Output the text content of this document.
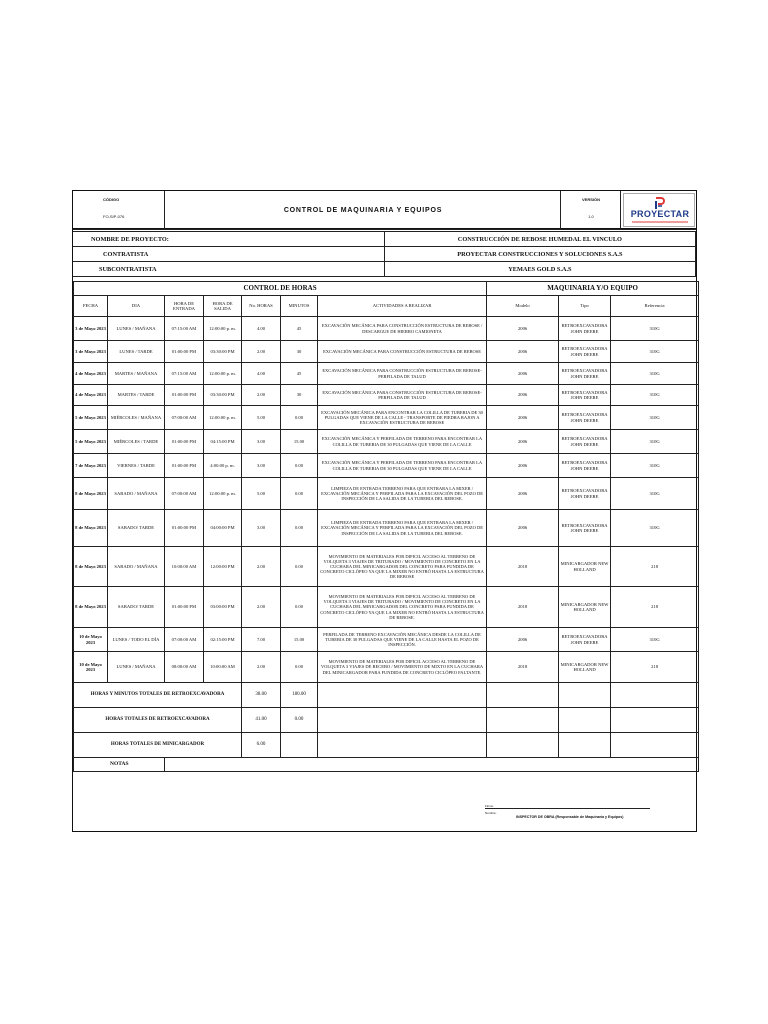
CÓDIGO
FO-SIP-076
CONTROL DE MAQUINARIA Y EQUIPOS
VERSIÓN
1.0	PROYECTAR

NOMBRE DE PROYECTO:	CONSTRUCCIÓN DE REBOSE HUMEDAL EL VINCULO
CONTRATISTA	PROYECTAR CONSTRUCCIONES Y SOLUCIONES S.A.S
SUBCONTRATISTA	YEMAES GOLD S.A.S
CONTROL DE HORAS							MAQUINARIA Y/O EQUIPO		
FECHA	DIA	HORA DE ENTRADA	HORA DE SALIDA	No. HORAS	MINUTOS	ACTIVIDADES A REALIZAR	Modelo	Tipo	Referencia
3 de Mayo 2023	LUNES / MAÑANA	07:15:00 AM	12:00:00 p. m.	4.00	45	EXCAVACIÓN MECÁNICA PARA CONSTRUCCIÓN ESTRUCTURA DE REBOSE / DESCARGUE DE HIERRO CAMIONETA	2006	RETROEXCAVADORA JOHN DEERE	310G
3 de Mayo 2023	LUNES / TARDE	01:00:00 PM	03:30:00 PM	2.00	30	EXCAVACIÓN MECÁNICA PARA CONSTRUCCIÓN ESTRUCTURA DE REBOSE	2006	RETROEXCAVADORA JOHN DEERE	310G
4 de Mayo 2023	MARTES / MAÑANA	07:15:00 AM	12:00:00 p. m.	4.00	45	EXCAVACIÓN MECÁNICA PARA CONSTRUCCIÓN ESTRUCTURA DE REBOSE- PERFILADA DE TALUD	2006	RETROEXCAVADORA JOHN DEERE	310G
4 de Mayo 2023	MARTES / TARDE	01:00:00 PM	03:30:00 PM	2.00	30	EXCAVACIÓN MECÁNICA PARA CONSTRUCCIÓN ESTRUCTURA DE REBOSE- PERFILADA DE TALUD	2006	RETROEXCAVADORA JOHN DEERE	310G
5 de Mayo 2023	MIÉRCOLES / MAÑANA	07:00:00 AM	12:00:00 p. m.	5.00	0.00	EXCAVACIÓN MECÁNICA PARA ENCONTRAR LA COLILLA DE TUBERIA DE 30 PULGADAS QUE VIENE DE LA CALLE - TRANSPORTE DE PIEDRA RAJON A EXCAVACIÓN ESTRUCTURA DE REBOSE	2006	RETROEXCAVADORA JOHN DEERE	310G
5 de Mayo 2023	MIÉRCOLES / TARDE	01:00:00 PM	04:15:00 PM	3.00	15.00	EXCAVACIÓN MECÁNICA Y PERFILADA DE TERRENO PARA ENCONTRAR LA COLILLA DE TUBERIA DE 30 PULGADAS QUE VIENE DE LA CALLE	2006	RETROEXCAVADORA JOHN DEERE	310G
7 de Mayo 2023	VIERNES / TARDE	01:00:00 PM	4:00:00 p. m.	3.00	0.00	EXCAVACIÓN MECÁNICA Y PERFILADA DE TERRENO PARA ENCONTRAR LA COLILLA DE TUBERIA DE 30 PULGADAS QUE VIENE DE LA CALLE	2006	RETROEXCAVADORA JOHN DEERE	310G
8 de Mayo 2023	SABADO / MAÑANA	07:00:00 AM	12:00:00 p. m.	5.00	0.00	LIMPIEZA DE ENTRADA TERRENO PARA QUE ENTRARA LA MIXER / EXCAVACIÓN MECÁNICA Y PERFILADA PARA LA EXCAVACIÓN DEL POZO DE INSPECCIÓN DE LA SALIDA DE LA TUBERIA DEL REBOSE.	2006	RETROEXCAVADORA JOHN DEERE	310G
8 de Mayo 2023	SABADO/ TARDE	01:00:00 PM	04:00:00 PM	3.00	0.00	LIMPIEZA DE ENTRADA TERRENO PARA QUE ENTRARA LA MIXER / EXCAVACIÓN MECÁNICA Y PERFILADA PARA LA EXCAVACIÓN DEL POZO DE INSPECCIÓN DE LA SALIDA DE LA TUBERIA DEL REBOSE.	2006	RETROEXCAVADORA JOHN DEERE	310G
8 de Mayo 2023	SABADO / MAÑANA	10:00:00 AM	12:00:00 PM	2.00	0.00	MOVIMIENTO DE MATERIALES POR DIFICIL ACCESO AL TERRENO DE VOLQUETA 3 VIAJES DE TRITURADO / MOVIMIENTO DE CONCRETO EN LA CUCHARA DEL MINICARGADOR DEL CONCRETO PARA FUNDIDA DE CONCRETO CICLÓPEO YA QUE LA MIXER NO ENTRÓ HASTA LA ESTRUCTURA DE REBOSE	2018	MINICARGADOR NEW HOLLAND	218
8 de Mayo 2023	SABADO/ TARDE	01:00:00 PM	03:00:00 PM	2.00	0.00	MOVIMIENTO DE MATERIALES POR DIFICIL ACCESO AL TERRENO DE VOLQUETA 3 VIAJES DE TRITURADO / MOVIMIENTO DE CONCRETO EN LA CUCHARA DEL MINICARGADOR DEL CONCRETO PARA FUNDIDA DE CONCRETO CICLÓPEO YA QUE LA MIXER NO ENTRÓ HASTA LA ESTRUCTURA DE REBOSE.	2018	MINICARGADOR NEW HOLLAND	218
10 de Mayo 2023	LUNES / TODO EL DÍA	07:00:00 AM	02:15:00 PM	7.00	15.00	PERFILADA DE TERRENO EXCAVACIÓN MECÁNICA DESDE LA COLILLA DE TUBERIA DE 30 PULGADAS QUE VIENE DE LA CALLE HASTA EL POZO DE INSPECCIÓN.	2006	RETROEXCAVADORA JOHN DEERE	310G
10 de Mayo 2023	LUNES / MAÑANA	08:00:00 AM	10:00:00 AM	2.00	0.00	MOVIMIENTO DE MATERIALES POR DIFICIL ACCESO AL TERRENO DE VOLQUETA 3 VIAJES DE RECEBO / MOVIMIENTO DE MIXTO EN LA CUCHARA DEL MINICARGADOR PARA FUNDIDA DE CONCRETO CICLÓPEO FALTANTE.	2018	MINICARGADOR NEW HOLLAND	218
HORAS Y MINUTOS TOTALES DE RETROEXCAVADORA				38.00	180.00				
HORAS TOTALES DE RETROEXCAVADORA				41.00	0.00				
HORAS TOTALES DE MINICARGADOR				6.00					
NOTAS									
Firma:
Nombre:
INSPECTOR DE OBRA (Responsable de Maquinaria y Equipos)
